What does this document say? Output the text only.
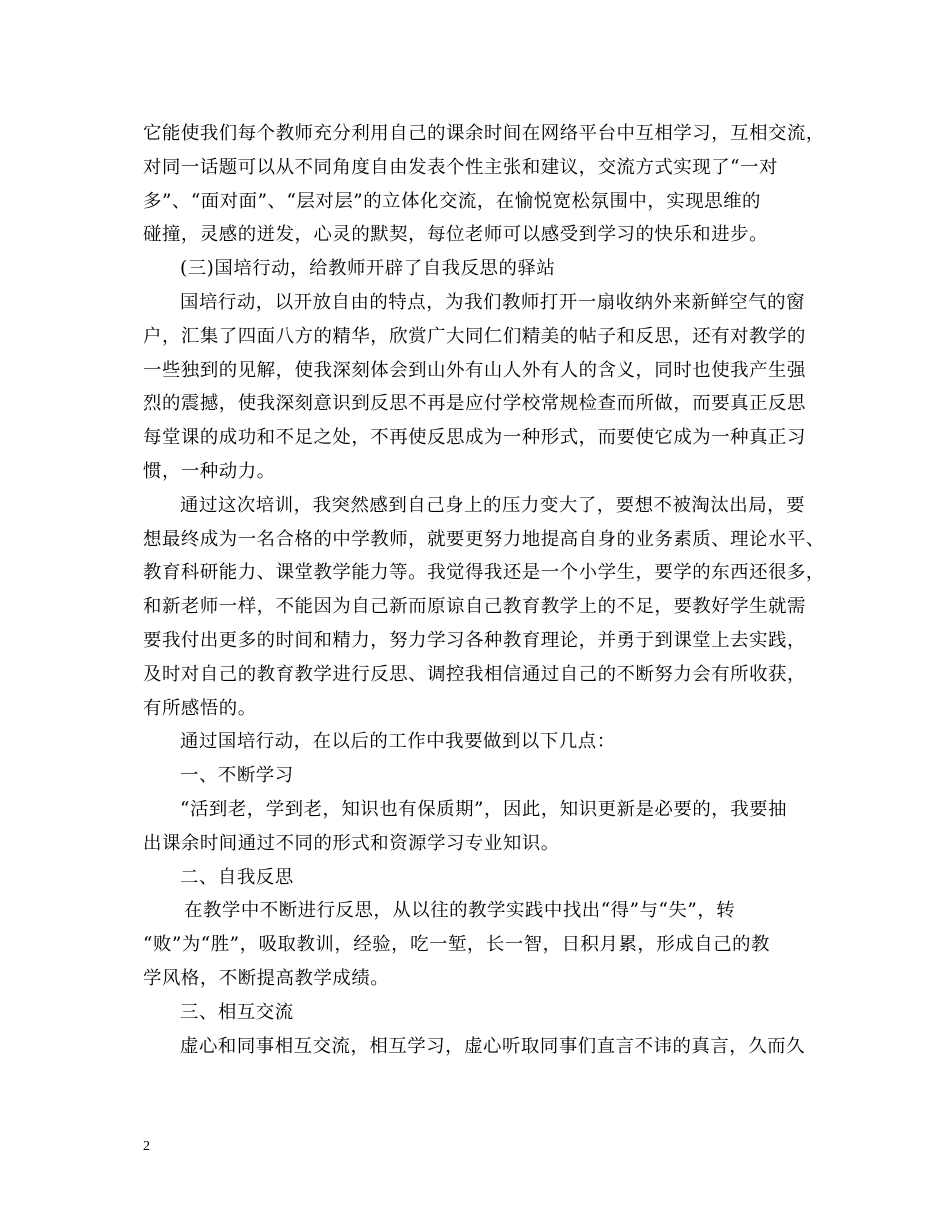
它能使我们每个教师充分利用自己的课余时间在网络平台中互相学习，互相交流，
对同一话题可以从不同角度自由发表个性主张和建议，交流方式实现了“一对
多”、“面对面”、“层对层”的立体化交流，在愉悦宽松氛围中，实现思维的
碰撞，灵感的迸发，心灵的默契，每位老师可以感受到学习的快乐和进步。
(三)国培行动，给教师开辟了自我反思的驿站
国培行动，以开放自由的特点，为我们教师打开一扇收纳外来新鲜空气的窗
户，汇集了四面八方的精华，欣赏广大同仁们精美的帖子和反思，还有对教学的
一些独到的见解，使我深刻体会到山外有山人外有人的含义，同时也使我产生强
烈的震撼，使我深刻意识到反思不再是应付学校常规检查而所做，而要真正反思
每堂课的成功和不足之处，不再使反思成为一种形式，而要使它成为一种真正习
惯，一种动力。
通过这次培训，我突然感到自己身上的压力变大了，要想不被淘汰出局，要
想最终成为一名合格的中学教师，就要更努力地提高自身的业务素质、理论水平、
教育科研能力、课堂教学能力等。我觉得我还是一个小学生，要学的东西还很多，
和新老师一样，不能因为自己新而原谅自己教育教学上的不足，要教好学生就需
要我付出更多的时间和精力，努力学习各种教育理论，并勇于到课堂上去实践，
及时对自己的教育教学进行反思、调控我相信通过自己的不断努力会有所收获，
有所感悟的。
通过国培行动，在以后的工作中我要做到以下几点：
一、不断学习
“活到老，学到老，知识也有保质期”，因此，知识更新是必要的，我要抽
出课余时间通过不同的形式和资源学习专业知识。
二、自我反思
在教学中不断进行反思，从以往的教学实践中找出“得”与“失”，转
“败”为“胜”，吸取教训，经验，吃一堑，长一智，日积月累，形成自己的教
学风格，不断提高教学成绩。
三、相互交流
虚心和同事相互交流，相互学习，虚心听取同事们直言不讳的真言，久而久

2
